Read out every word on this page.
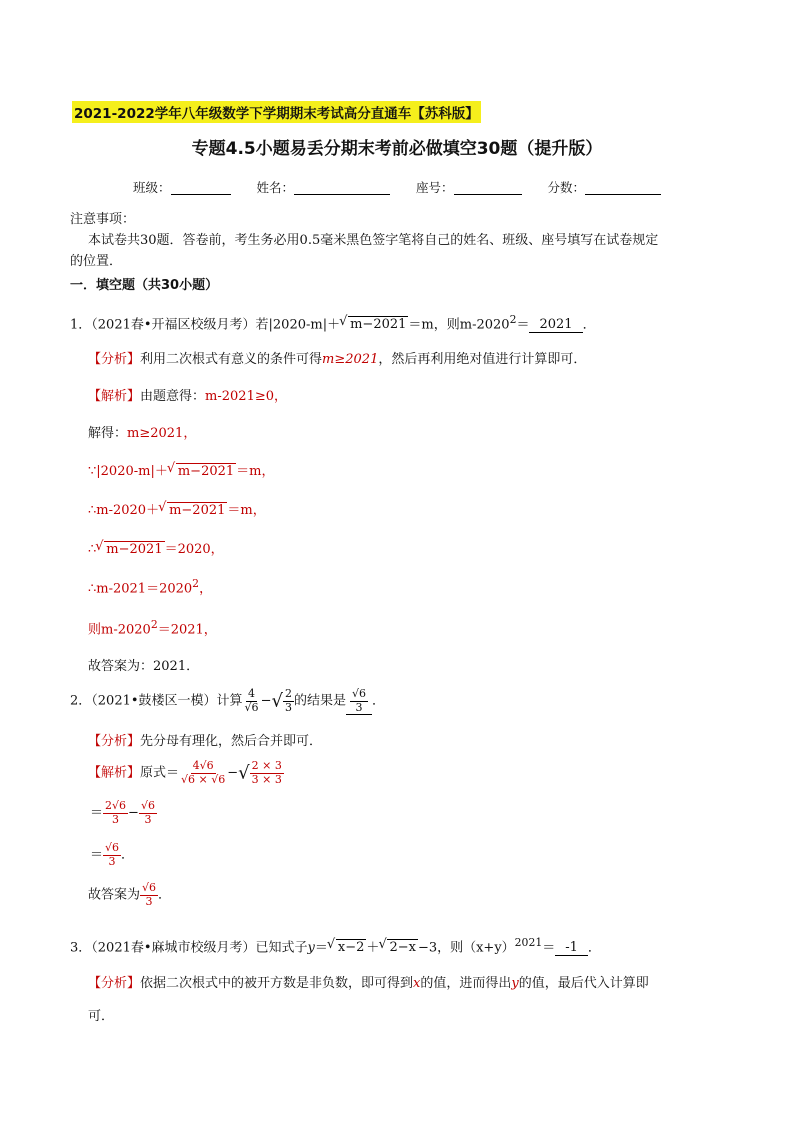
2021-2022学年八年级数学下学期期末考试高分直通车【苏科版】
专题4.5小题易丢分期末考前必做填空30题（提升版）
班级：	姓名：	座号：	分数：
注意事项：
本试卷共30题．答卷前，考生务必用0.5毫米黑色签字笔将自己的姓名、班级、座号填写在试卷规定
的位置．
一．填空题（共30小题）
1．（2021春•开福区校级月考）若|2020-m|＋ √ m−2021 ＝m，则$m-2020^2= 2021$ ．
【分析】利用二次根式有意义的条件可得m≥2021，然后再利用绝对值进行计算即可．
【解析】由题意得：m-2021≥0，
解得：m≥2021，
∵|2020-m|＋ √ m−2021 ＝m，
∴m-2020＋ √ m−2021 ＝m，
∴ √ m−2021 ＝2020，
$\therefore m-2021=2020^2$，
则$m-2020^2=2021$，
故答案为：2021．
2．（2021•鼓楼区一模）计算 $\frac{4}{√6}$ −√ $\frac{2}{3}$ 的结果是 $\frac{√6}{3}$ ．
【分析】先分母有理化，然后合并即可．
【解析】原式＝ $\frac{4√6}{√6 \times √6}$ −√ $\frac{2 \times 3}{3 \times 3}$
＝ $\frac{2√6}{3} - \frac{√6}{3}$
＝ $\frac{√6}{3}$ ．
故答案为 $\frac{√6}{3}$ ．
3．（2021春•麻城市校级月考）已知式子y＝ √ x−2 ＋ √ 2−x −3，则$(x+y)^{2021}= -1$ ．
【分析】依据二次根式中的被开方数是非负数，即可得到x的值，进而得出y的值，最后代入计算即
可．
